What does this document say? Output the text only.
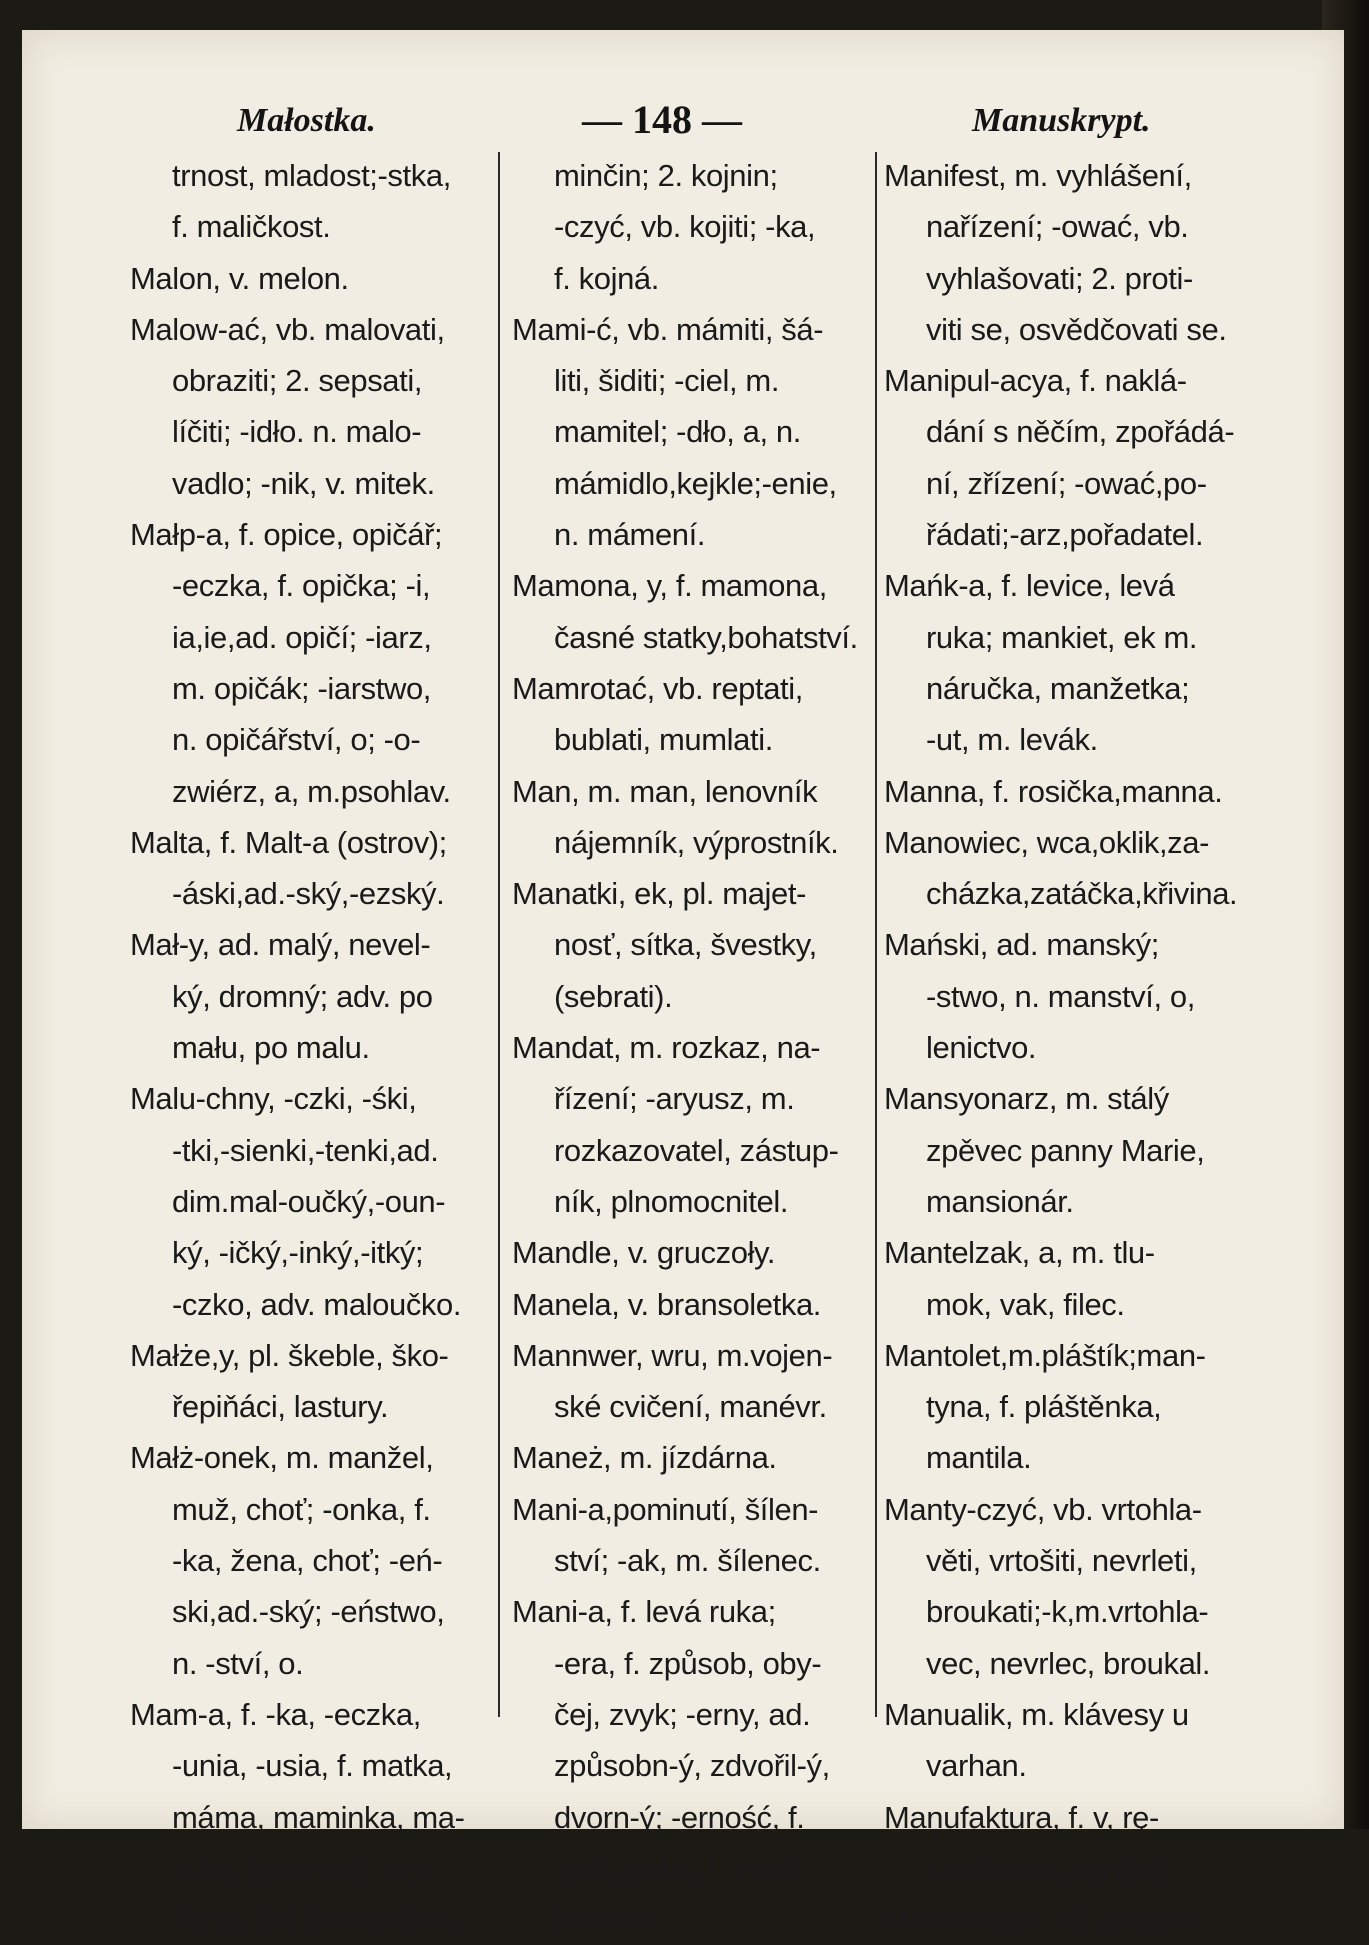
Małostka.	— 148 —	Manuskrypt.
trnost, mladost;-stka,
f. maličkost.
Malon, v. melon.
Malow-ać, vb. malovati,
obraziti; 2. sepsati,
líčiti; -idło. n. malo-
vadlo; -nik, v. mitek.
Małp-a, f. opice, opičář;
-eczka, f. opička; -i,
ia,ie,ad. opičí; -iarz,
m. opičák; -iarstwo,
n. opičářství, o; -o-
zwiérz, a, m.psohlav.
Malta, f. Malt-a (ostrov);
-áski,ad.-ský,-ezský.
Mał-y, ad. malý, nevel-
ký, dromný; adv. po
mału, po malu.
Malu-chny, -czki, -śki,
-tki,-sienki,-tenki,ad.
dim.mal-oučký,-oun-
ký, -ičký,-inký,-itký;
-czko, adv. maloučko.
Małże,y, pl. škeble, ško-
řepiňáci, lastury.
Małż-onek, m. manžel,
muž, choť; -onka, f.
-ka, žena, choť; -eń-
ski,ad.-ský; -eństwo,
n. -ství, o.
Mam-a, f. -ka, -eczka,
-unia, -usia, f. matka,
máma, maminka, ma-
tička, matinka; -czy,
-czyn, ad. matčin,ma-
minčin; 2. kojnin;
-czyć, vb. kojiti; -ka,
f. kojná.
Mami-ć, vb. mámiti, šá-
liti, šiditi; -ciel, m.
mamitel; -dło, a, n.
mámidlo,kejkle;-enie,
n. mámení.
Mamona, y, f. mamona,
časné statky,bohatství.
Mamrotać, vb. reptati,
bublati, mumlati.
Man, m. man, lenovník
nájemník, výprostník.
Manatki, ek, pl. majet-
nosť, sítka, švestky,
(sebrati).
Mandat, m. rozkaz, na-
řízení; -aryusz, m.
rozkazovatel, zástup-
ník, plnomocnitel.
Mandle, v. gruczoły.
Manela, v. bransoletka.
Mannwer, wru, m.vojen-
ské cvičení, manévr.
Maneż, m. jízdárna.
Mani-a,pominutí, šílen-
ství; -ak, m. šílenec.
Mani-a, f. levá ruka;
-era, f. způsob, oby-
čej, zvyk; -erny, ad.
způsobn-ý, zdvořil-ý,
dvorn-ý; -erność, f.
-osť; -erka, f. polní
lahevka.
Manifest, m. vyhlášení,
nařízení; -ować, vb.
vyhlašovati; 2. proti-
viti se, osvědčovati se.
Manipul-acya, f. naklá-
dání s něčím, zpořádá-
ní, zřízení; -ować,po-
řádati;-arz,pořadatel.
Mańk-a, f. levice, levá
ruka; mankiet, ek m.
náručka, manžetka;
-ut, m. levák.
Manna, f. rosička,manna.
Manowiec, wca,oklik,za-
cházka,zatáčka,křivina.
Mański, ad. manský;
-stwo, n. manství, o,
lenictvo.
Mansyonarz, m. stálý
zpěvec panny Marie,
mansionár.
Mantelzak, a, m. tlu-
mok, vak, filec.
Mantolet,m.pláštík;man-
tyna, f. pláštěnka,
mantila.
Manty-czyć, vb. vrtohla-
věti, vrtošiti, nevrleti,
broukati;-k,m.vrtohla-
vec, nevrlec, broukal.
Manualik, m. klávesy u
varhan.
Manufaktura, f. v, rę-
kodzielnia, wyrób.
Manuskrypt, m. rukopis.
